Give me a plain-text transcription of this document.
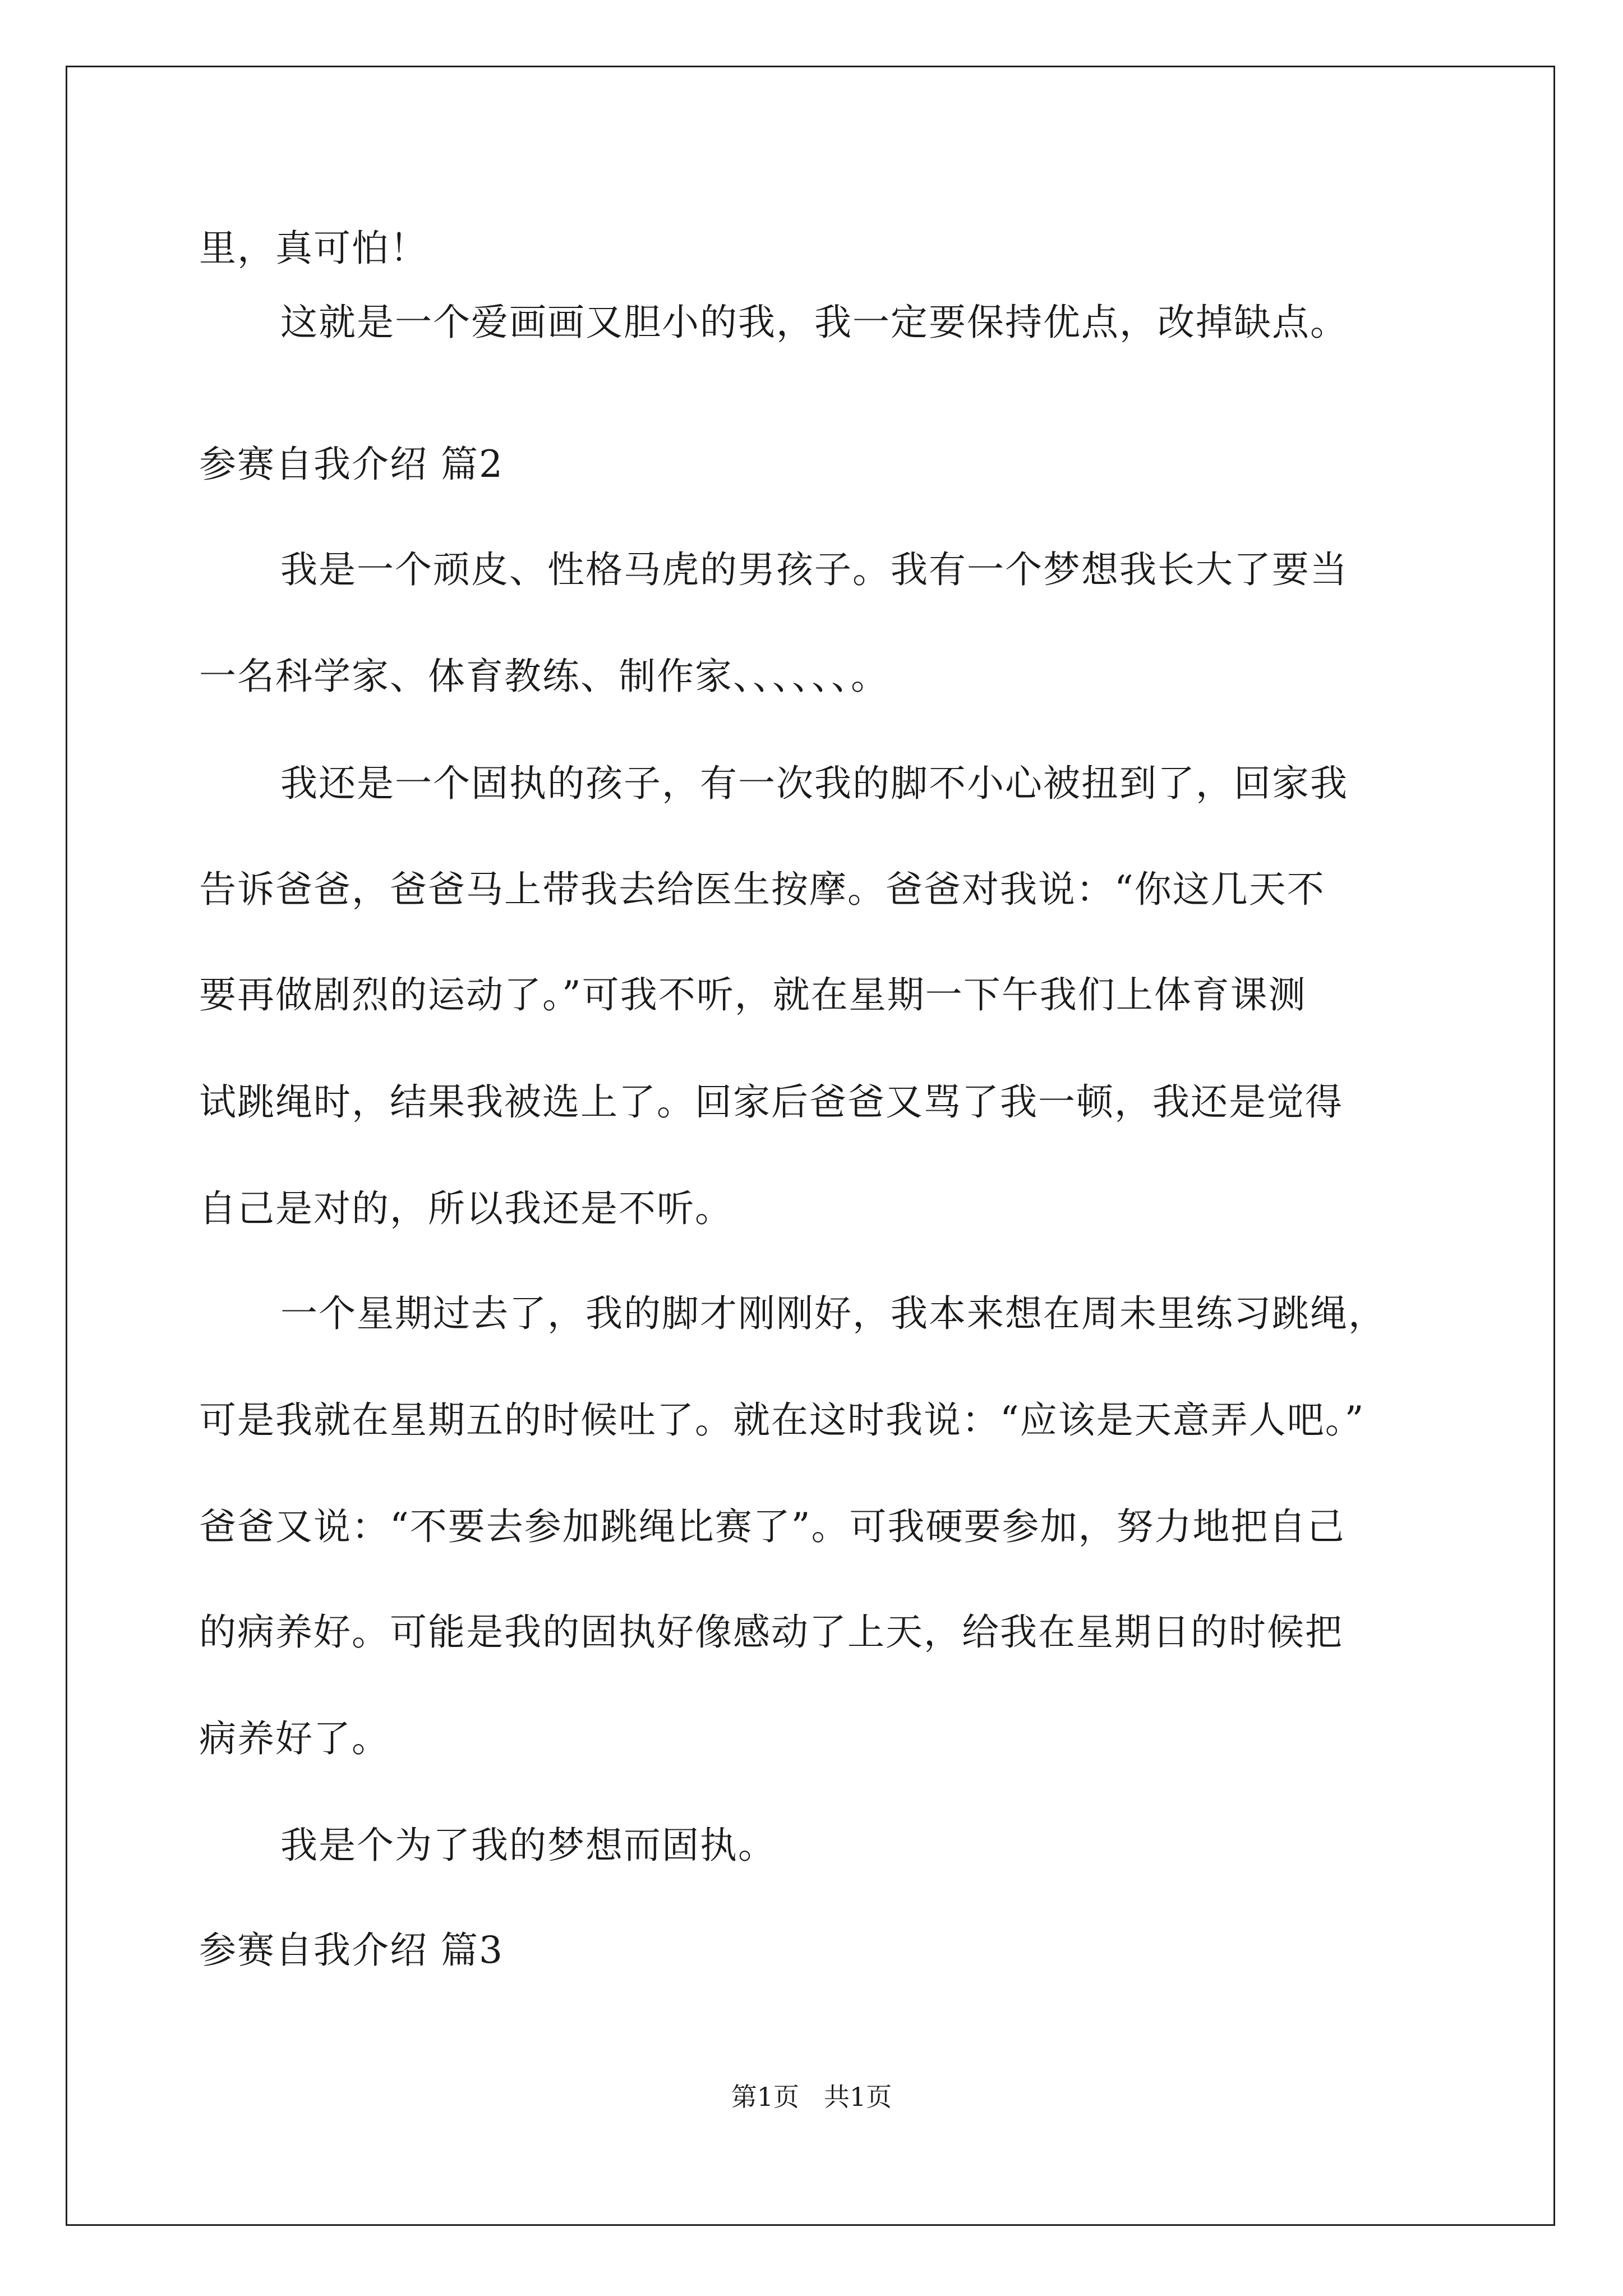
里，真可怕！
这就是一个爱画画又胆小的我，我一定要保持优点，改掉缺点。
参赛自我介绍 篇2
我是一个顽皮、性格马虎的男孩子。我有一个梦想我长大了要当
一名科学家、体育教练、制作家、、、、、、。
我还是一个固执的孩子，有一次我的脚不小心被扭到了，回家我
告诉爸爸，爸爸马上带我去给医生按摩。爸爸对我说：“你这几天不
要再做剧烈的运动了。”可我不听，就在星期一下午我们上体育课测
试跳绳时，结果我被选上了。回家后爸爸又骂了我一顿，我还是觉得
自己是对的，所以我还是不听。
一个星期过去了，我的脚才刚刚好，我本来想在周未里练习跳绳，
可是我就在星期五的时候吐了。就在这时我说：“应该是天意弄人吧。”
爸爸又说：“不要去参加跳绳比赛了”。可我硬要参加，努力地把自己
的病养好。可能是我的固执好像感动了上天，给我在星期日的时候把
病养好了。
我是个为了我的梦想而固执。
参赛自我介绍 篇3
第1页 共1页
